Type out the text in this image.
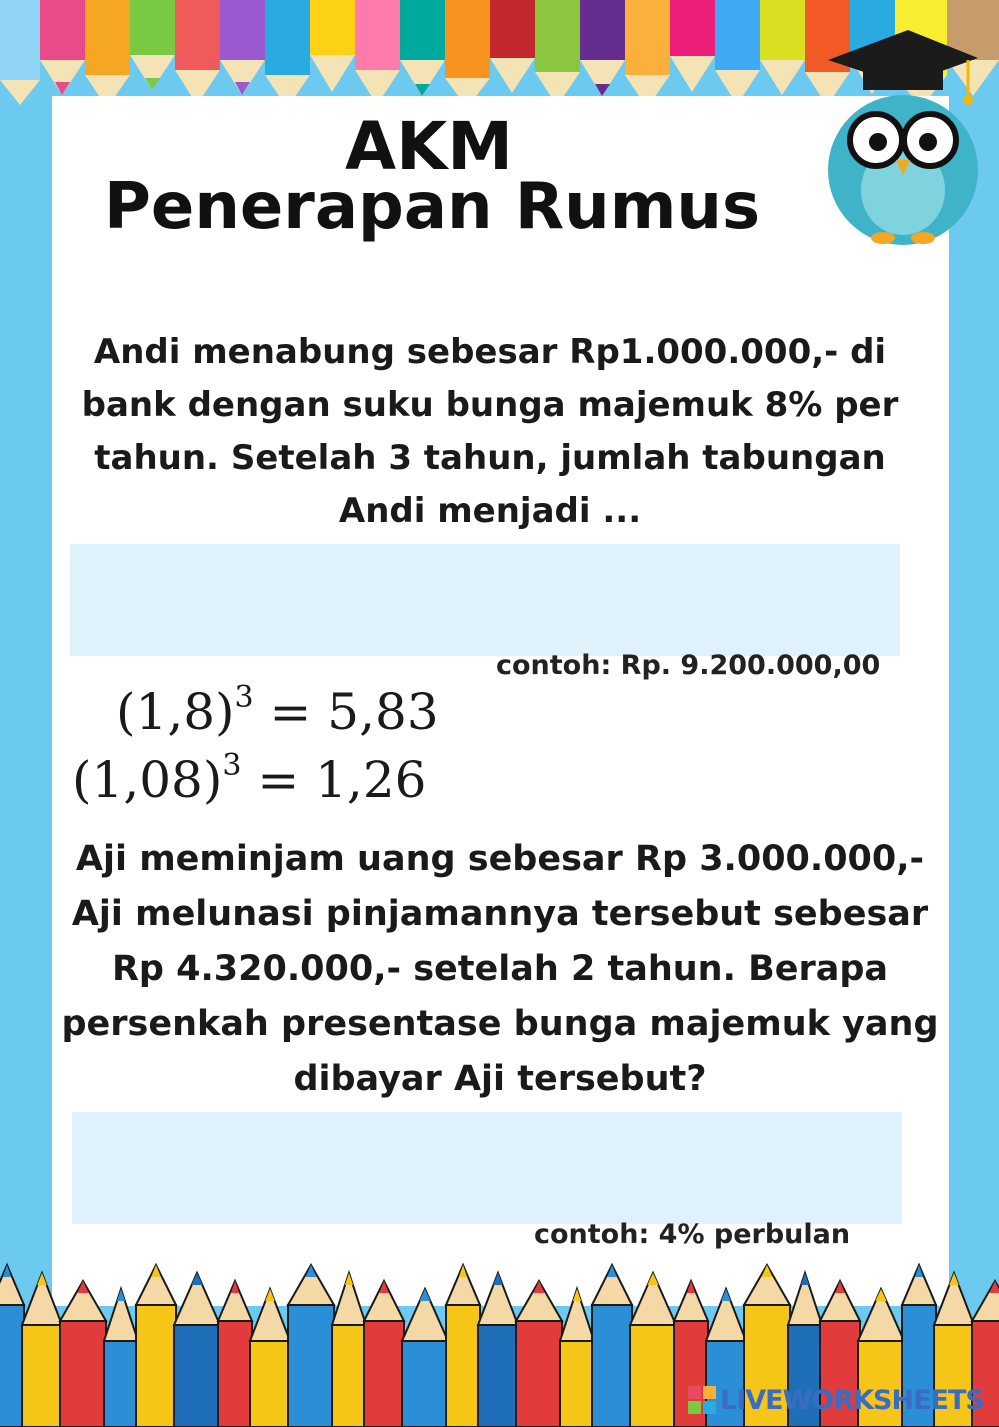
AKM
Penerapan Rumus

Andi menabung sebesar Rp1.000.000,- di bank dengan suku bunga majemuk 8% per tahun. Setelah 3 tahun, jumlah tabungan Andi menjadi ...

contoh: Rp. 9.200.000,00

$(1,8)^3 = 5,83$

$(1,08)^3 = 1,26$

Aji meminjam uang sebesar Rp 3.000.000,- Aji melunasi pinjamannya tersebut sebesar Rp 4.320.000,- setelah 2 tahun. Berapa persenkah presentase bunga majemuk yang dibayar Aji tersebut?

contoh: 4% perbulan

LIVEWORKSHEETS
